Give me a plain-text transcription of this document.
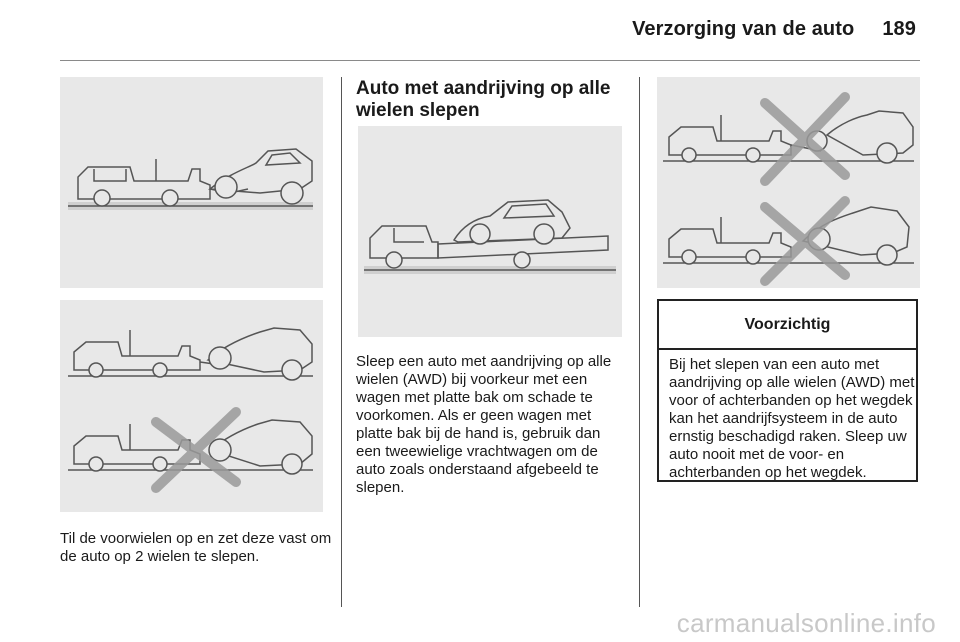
Verzorging van de auto 189

Til de voorwielen op en zet deze vast om de auto op 2 wielen te slepen.

Auto met aandrijving op alle wielen slepen

Sleep een auto met aandrijving op alle wielen (AWD) bij voorkeur met een wagen met platte bak om schade te voorkomen. Als er geen wagen met platte bak bij de hand is, gebruik dan een tweewielige vrachtwagen om de auto zoals onderstaand afgebeeld te slepen.

Voorzichtig

Bij het slepen van een auto met aandrijving op alle wielen (AWD) met voor of achterbanden op het wegdek kan het aandrijfsysteem in de auto ernstig beschadigd raken. Sleep uw auto nooit met de voor- en achterbanden op het wegdek.

carmanualsonline.info
